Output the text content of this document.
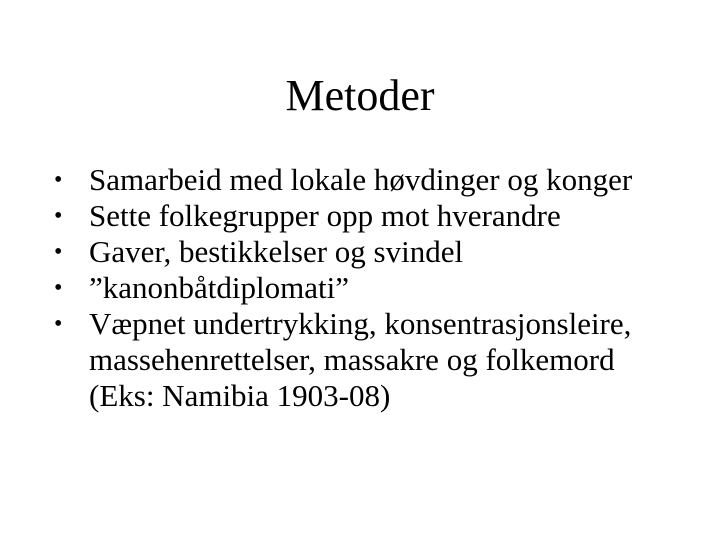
Metoder
• Samarbeid med lokale høvdinger og konger
• Sette folkegrupper opp mot hverandre
• Gaver, bestikkelser og svindel
• ”kanonbåtdiplomati”
• Væpnet undertrykking, konsentrasjonsleire, massehenrettelser, massakre og folkemord (Eks: Namibia 1903-08)
